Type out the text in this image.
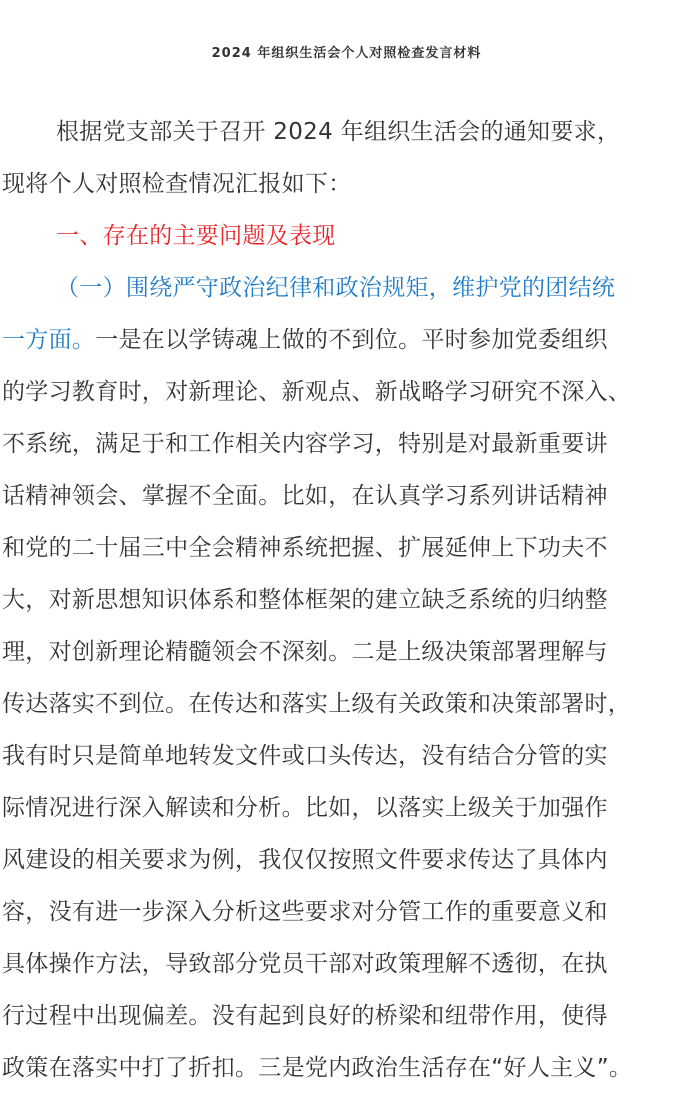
2024 年组织生活会个人对照检查发言材料
根据党支部关于召开 2024 年组织生活会的通知要求，
现将个人对照检查情况汇报如下：
一、存在的主要问题及表现
（一）围绕严守政治纪律和政治规矩，维护党的团结统
一方面。一是在以学铸魂上做的不到位。平时参加党委组织
的学习教育时，对新理论、新观点、新战略学习研究不深入、
不系统，满足于和工作相关内容学习，特别是对最新重要讲
话精神领会、掌握不全面。比如，在认真学习系列讲话精神
和党的二十届三中全会精神系统把握、扩展延伸上下功夫不
大，对新思想知识体系和整体框架的建立缺乏系统的归纳整
理，对创新理论精髓领会不深刻。二是上级决策部署理解与
传达落实不到位。在传达和落实上级有关政策和决策部署时，
我有时只是简单地转发文件或口头传达，没有结合分管的实
际情况进行深入解读和分析。比如，以落实上级关于加强作
风建设的相关要求为例，我仅仅按照文件要求传达了具体内
容，没有进一步深入分析这些要求对分管工作的重要意义和
具体操作方法，导致部分党员干部对政策理解不透彻，在执
行过程中出现偏差。没有起到良好的桥梁和纽带作用，使得
政策在落实中打了折扣。三是党内政治生活存在“好人主义”。
